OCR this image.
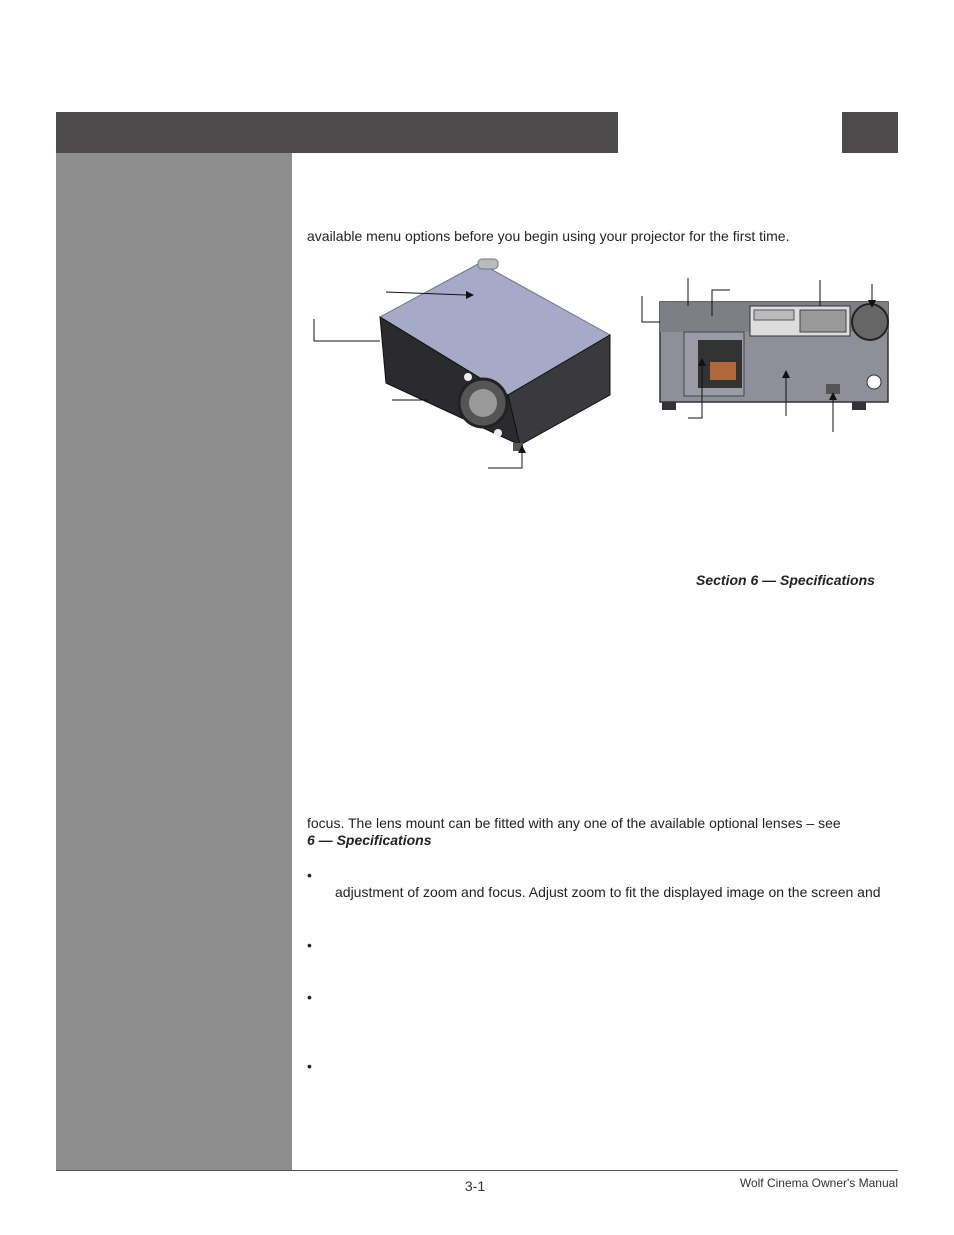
available menu options before you begin using your projector for the first time.
Section 6 — Specifications
focus. The lens mount can be fitted with any one of the available optional lenses – see
6 — Specifications
•
adjustment of zoom and focus. Adjust zoom to fit the displayed image on the screen and
•
•
•
3-1	Wolf Cinema Owner's Manual
